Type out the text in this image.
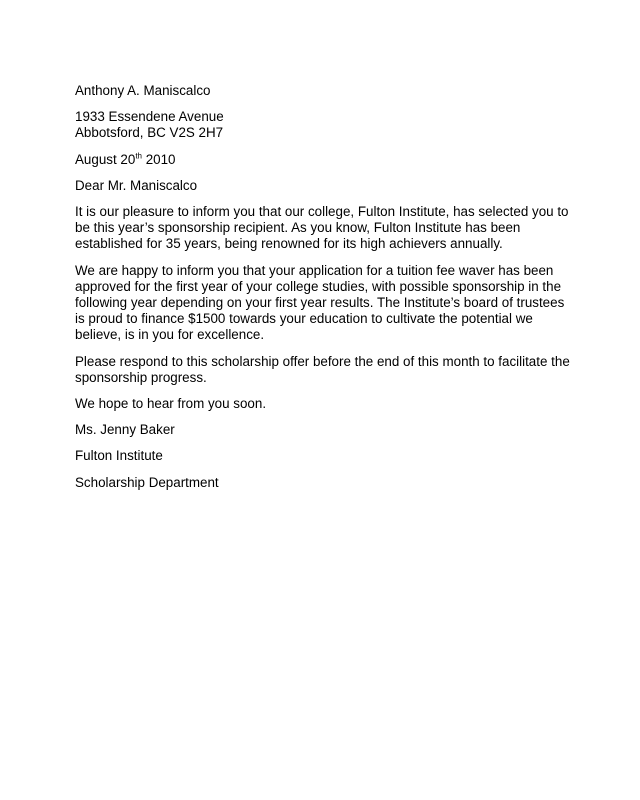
Anthony A. Maniscalco

1933 Essendene Avenue
Abbotsford, BC V2S 2H7

August 20th 2010

Dear Mr. Maniscalco

It is our pleasure to inform you that our college, Fulton Institute, has selected you to be this year’s sponsorship recipient. As you know, Fulton Institute has been established for 35 years, being renowned for its high achievers annually.

We are happy to inform you that your application for a tuition fee waver has been approved for the first year of your college studies, with possible sponsorship in the following year depending on your first year results. The Institute’s board of trustees is proud to finance $1500 towards your education to cultivate the potential we believe, is in you for excellence.

Please respond to this scholarship offer before the end of this month to facilitate the sponsorship progress.

We hope to hear from you soon.

Ms. Jenny Baker

Fulton Institute

Scholarship Department
